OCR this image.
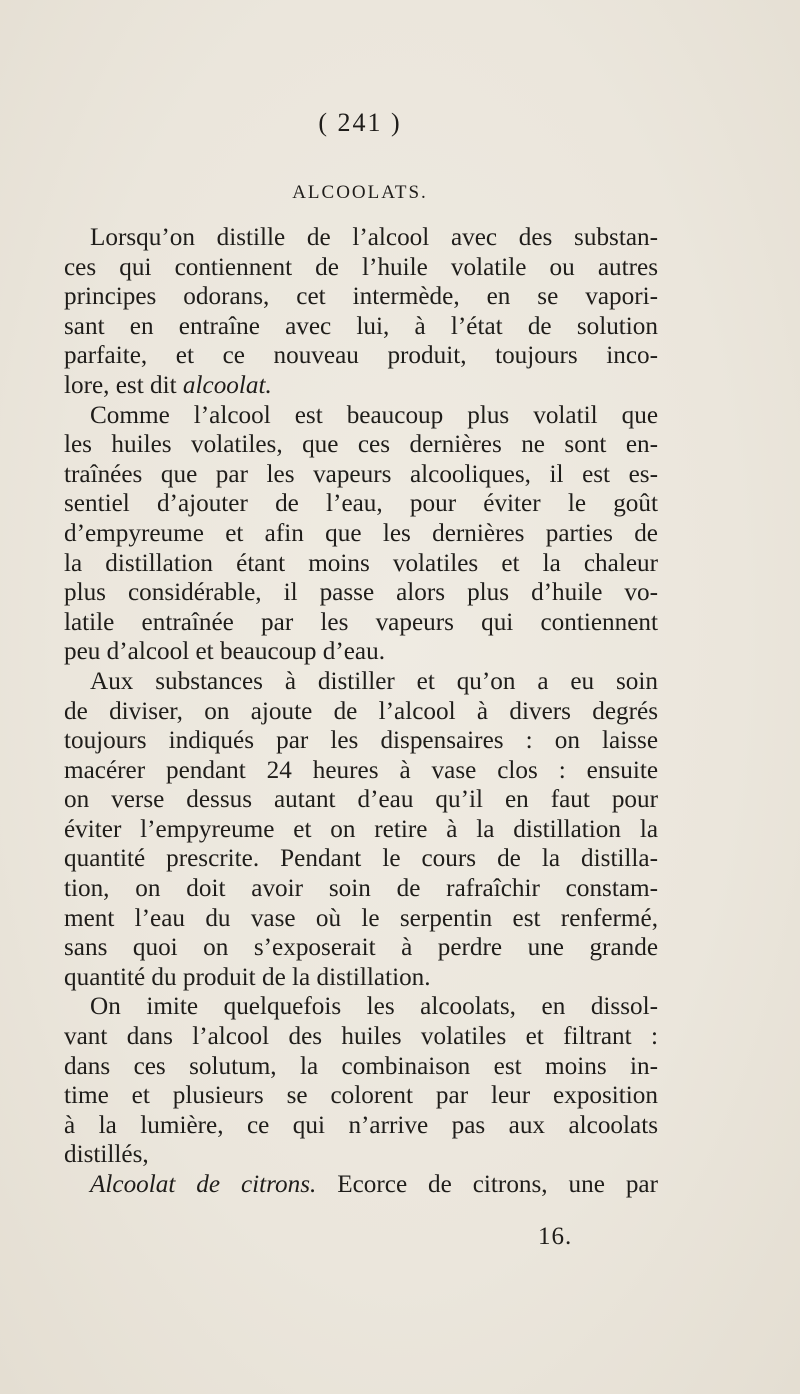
( 241 )
ALCOOLATS.
Lorsqu’on distille de l’alcool avec des substan-
ces qui contiennent de l’huile volatile ou autres
principes odorans, cet intermède, en se vapori-
sant en entraîne avec lui, à l’état de solution
parfaite, et ce nouveau produit, toujours inco-
lore, est dit alcoolat.
Comme l’alcool est beaucoup plus volatil que
les huiles volatiles, que ces dernières ne sont en-
traînées que par les vapeurs alcooliques, il est es-
sentiel d’ajouter de l’eau, pour éviter le goût
d’empyreume et afin que les dernières parties de
la distillation étant moins volatiles et la chaleur
plus considérable, il passe alors plus d’huile vo-
latile entraînée par les vapeurs qui contiennent
peu d’alcool et beaucoup d’eau.
Aux substances à distiller et qu’on a eu soin
de diviser, on ajoute de l’alcool à divers degrés
toujours indiqués par les dispensaires : on laisse
macérer pendant 24 heures à vase clos : ensuite
on verse dessus autant d’eau qu’il en faut pour
éviter l’empyreume et on retire à la distillation la
quantité prescrite. Pendant le cours de la distilla-
tion, on doit avoir soin de rafraîchir constam-
ment l’eau du vase où le serpentin est renfermé,
sans quoi on s’exposerait à perdre une grande
quantité du produit de la distillation.
On imite quelquefois les alcoolats, en dissol-
vant dans l’alcool des huiles volatiles et filtrant :
dans ces solutum, la combinaison est moins in-
time et plusieurs se colorent par leur exposition
à la lumière, ce qui n’arrive pas aux alcoolats
distillés,
Alcoolat de citrons. Ecorce de citrons, une par
16.
